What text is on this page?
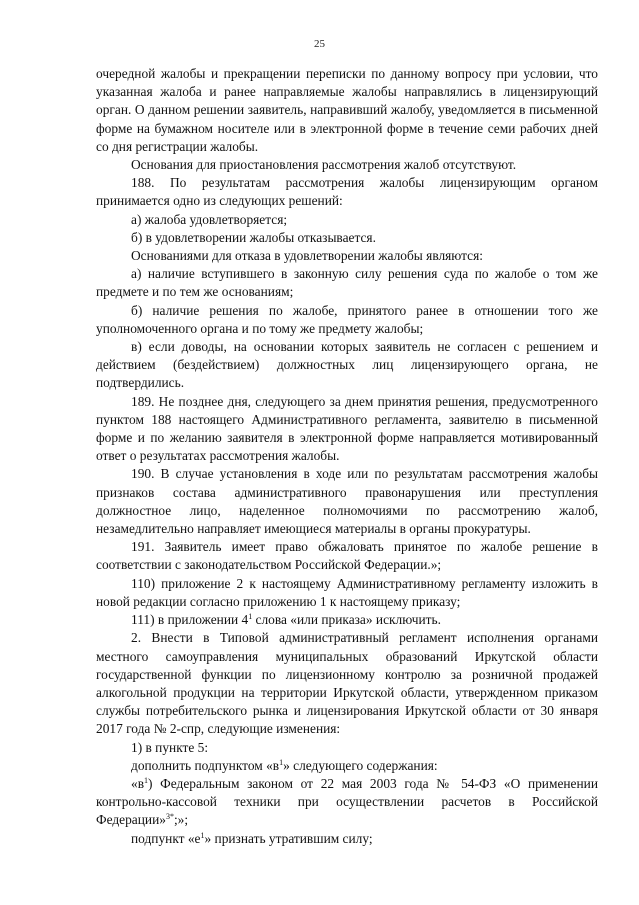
25

очередной жалобы и прекращении переписки по данному вопросу при условии, что указанная жалоба и ранее направляемые жалобы направлялись в лицензирующий орган. О данном решении заявитель, направивший жалобу, уведомляется в письменной форме на бумажном носителе или в электронной форме в течение семи рабочих дней со дня регистрации жалобы.

Основания для приостановления рассмотрения жалоб отсутствуют.

188. По результатам рассмотрения жалобы лицензирующим органом принимается одно из следующих решений:

а) жалоба удовлетворяется;

б) в удовлетворении жалобы отказывается.

Основаниями для отказа в удовлетворении жалобы являются:

а) наличие вступившего в законную силу решения суда по жалобе о том же предмете и по тем же основаниям;

б) наличие решения по жалобе, принятого ранее в отношении того же уполномоченного органа и по тому же предмету жалобы;

в) если доводы, на основании которых заявитель не согласен с решением и действием (бездействием) должностных лиц лицензирующего органа, не подтвердились.

189. Не позднее дня, следующего за днем принятия решения, предусмотренного пунктом 188 настоящего Административного регламента, заявителю в письменной форме и по желанию заявителя в электронной форме направляется мотивированный ответ о результатах рассмотрения жалобы.

190. В случае установления в ходе или по результатам рассмотрения жалобы признаков состава административного правонарушения или преступления должностное лицо, наделенное полномочиями по рассмотрению жалоб, незамедлительно направляет имеющиеся материалы в органы прокуратуры.

191. Заявитель имеет право обжаловать принятое по жалобе решение в соответствии с законодательством Российской Федерации.»;

110) приложение 2 к настоящему Административному регламенту изложить в новой редакции согласно приложению 1 к настоящему приказу;

111) в приложении $4^1$ слова «или приказа» исключить.

2. Внести в Типовой административный регламент исполнения органами местного самоуправления муниципальных образований Иркутской области государственной функции по лицензионному контролю за розничной продажей алкогольной продукции на территории Иркутской области, утвержденном приказом службы потребительского рынка и лицензирования Иркутской области от 30 января 2017 года № 2-спр, следующие изменения:

1) в пункте 5:

дополнить подпунктом «$в^1$» следующего содержания:

«$в^1$) Федеральным законом от 22 мая 2003 года № 54-ФЗ «О применении контрольно-кассовой техники при осуществлении расчетов в Российской Федерации»$^{3*}$;»;

подпункт «$е^1$» признать утратившим силу;
